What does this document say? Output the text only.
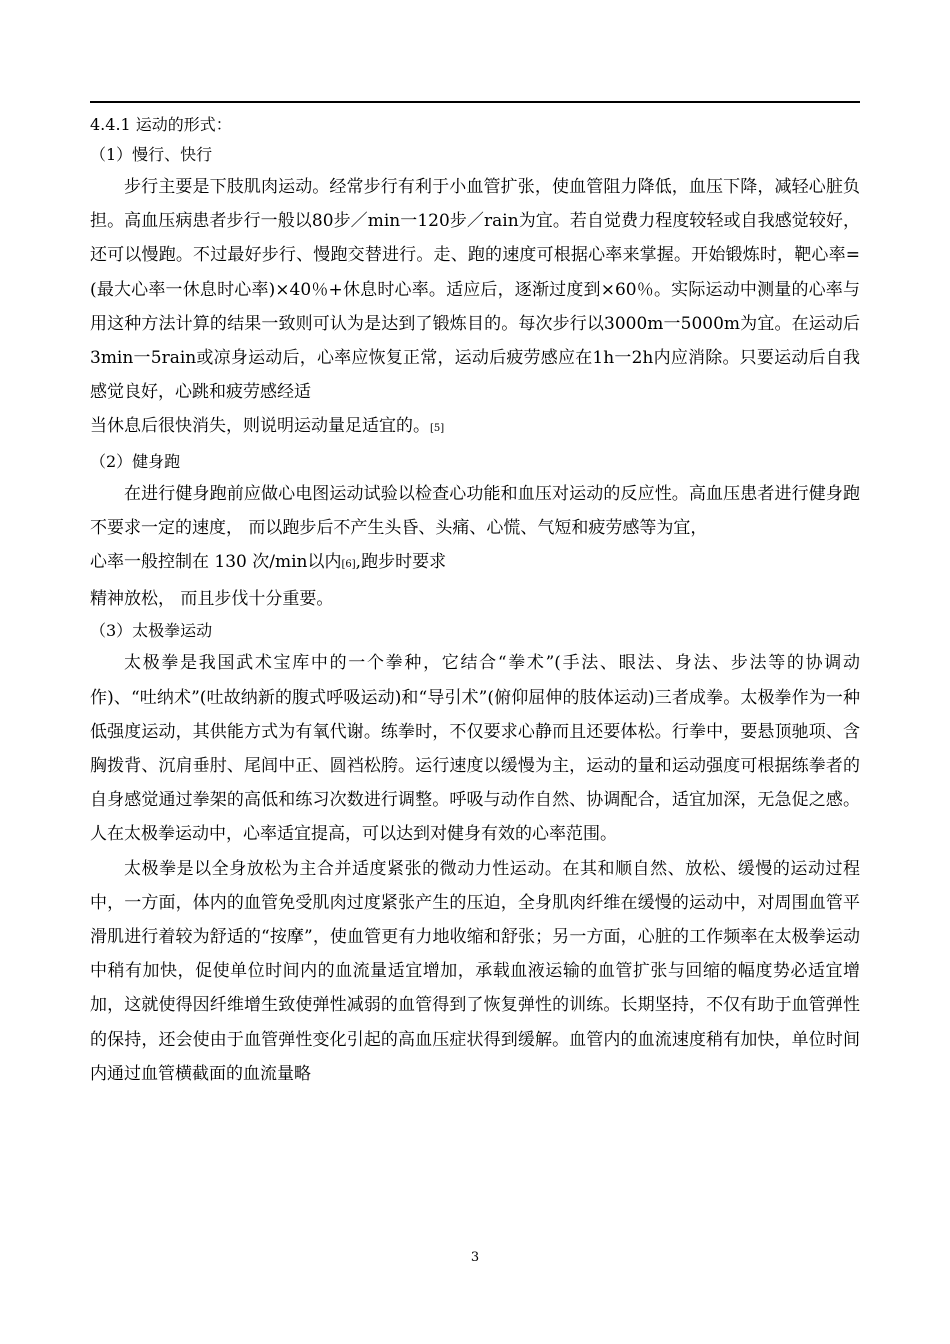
4.4.1 运动的形式：

（1）慢行、快行

步行主要是下肢肌肉运动。经常步行有利于小血管扩张，使血管阻力降低，血压下降，减轻心脏负担。高血压病患者步行一般以80步／min一120步／rain为宜。若自觉费力程度较轻或自我感觉较好，还可以慢跑。不过最好步行、慢跑交替进行。走、跑的速度可根据心率来掌握。开始锻炼时，靶心率=(最大心率一休息时心率)×40％+休息时心率。适应后，逐渐过度到×60％。实际运动中测量的心率与用这种方法计算的结果一致则可认为是达到了锻炼目的。每次步行以3000m一5000m为宜。在运动后3min一5rain或凉身运动后，心率应恢复正常，运动后疲劳感应在1h一2h内应消除。只要运动后自我感觉良好，心跳和疲劳感经适

当休息后很快消失，则说明运动量足适宜的。[5]

（2）健身跑

在进行健身跑前应做心电图运动试验以检查心功能和血压对运动的反应性。高血压患者进行健身跑不要求一定的速度， 而以跑步后不产生头昏、头痛、心慌、气短和疲劳感等为宜，

心率一般控制在 130 次/min以内[6],跑步时要求

精神放松， 而且步伐十分重要。

（3）太极拳运动

太极拳是我国武术宝库中的一个拳种，它结合“拳术”(手法、眼法、身法、步法等的协调动作)、“吐纳术”(吐故纳新的腹式呼吸运动)和“导引术”(俯仰屈伸的肢体运动)三者成拳。太极拳作为一种低强度运动，其供能方式为有氧代谢。练拳时，不仅要求心静而且还要体松。行拳中，要悬顶驰项、含胸拨背、沉肩垂肘、尾闾中正、圆裆松胯。运行速度以缓慢为主，运动的量和运动强度可根据练拳者的自身感觉通过拳架的高低和练习次数进行调整。呼吸与动作自然、协调配合，适宜加深，无急促之感。人在太极拳运动中，心率适宜提高，可以达到对健身有效的心率范围。

太极拳是以全身放松为主合并适度紧张的微动力性运动。在其和顺自然、放松、缓慢的运动过程中，一方面，体内的血管免受肌肉过度紧张产生的压迫，全身肌肉纤维在缓慢的运动中，对周围血管平滑肌进行着较为舒适的“按摩”，使血管更有力地收缩和舒张；另一方面，心脏的工作频率在太极拳运动中稍有加快，促使单位时间内的血流量适宜增加，承载血液运输的血管扩张与回缩的幅度势必适宜增加，这就使得因纤维增生致使弹性减弱的血管得到了恢复弹性的训练。长期坚持，不仅有助于血管弹性的保持，还会使由于血管弹性变化引起的高血压症状得到缓解。血管内的血流速度稍有加快，单位时间内通过血管横截面的血流量略

3
